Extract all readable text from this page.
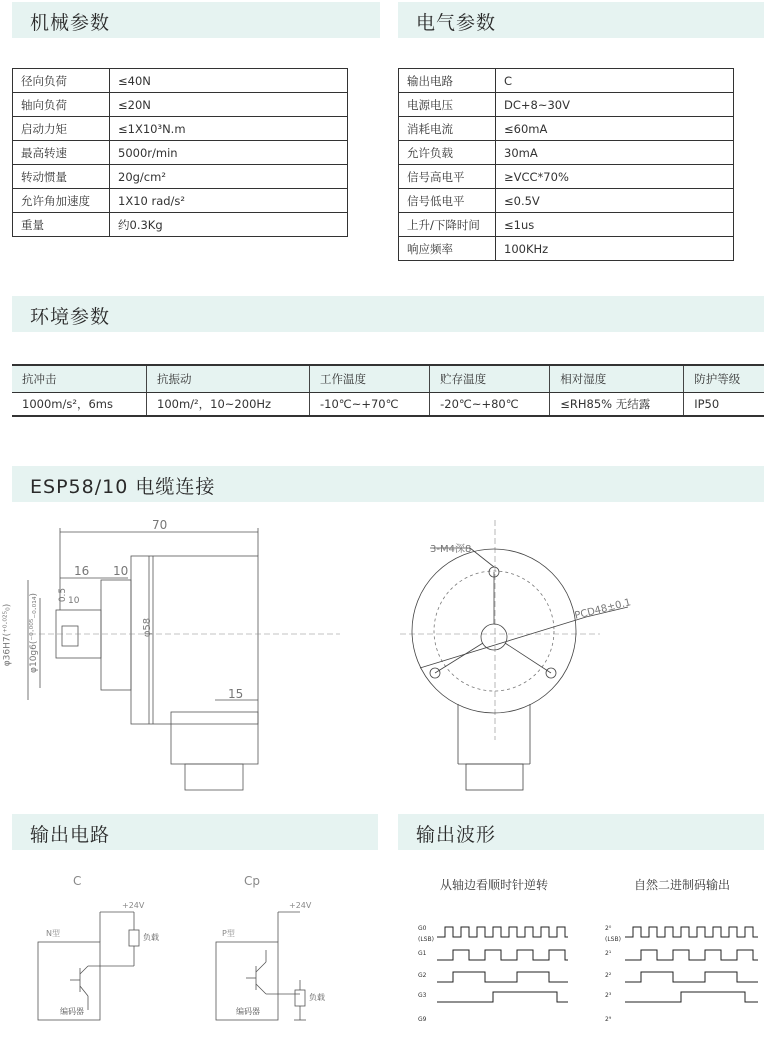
机械参数	电气参数
径向负荷	≤40N
轴向负荷	≤20N
启动力矩	≤1X10³N.m
最高转速	5000r/min
转动惯量	20g/cm²
允许角加速度	1X10 rad/s²
重量	约0.3Kg
输出电路	C
电源电压	DC+8~30V
消耗电流	≤60mA
允许负载	30mA
信号高电平	≥VCC*70%
信号低电平	≤0.5V
上升/下降时间	≤1us
响应频率	100KHz
环境参数
抗冲击	抗振动	工作温度	贮存温度	相对湿度	防护等级
1000m/s²，6ms	100m/²，10~200Hz	-10℃~+70℃	-20℃~+80℃	≤RH85% 无结露	IP50
ESP58/10 电缆连接
70
16 10
15
φ58
φ36H7(⁺⁰·⁰²⁵₀) φ10g6(⁻⁰·⁰⁰⁵₋₀.₀₁₄) 0.5 10
3-M4深8
PCD48±0.1
输出电路	输出波形
C	Cp
+24V	+24V
N型	P型
负载
负载
编码器	编码器
从轴边看顺时针逆转	自然二进制码输出
G0	2⁰
(LSB)	(LSB)
G1	2¹
G2	2²
G3	2³
G9	2⁹
